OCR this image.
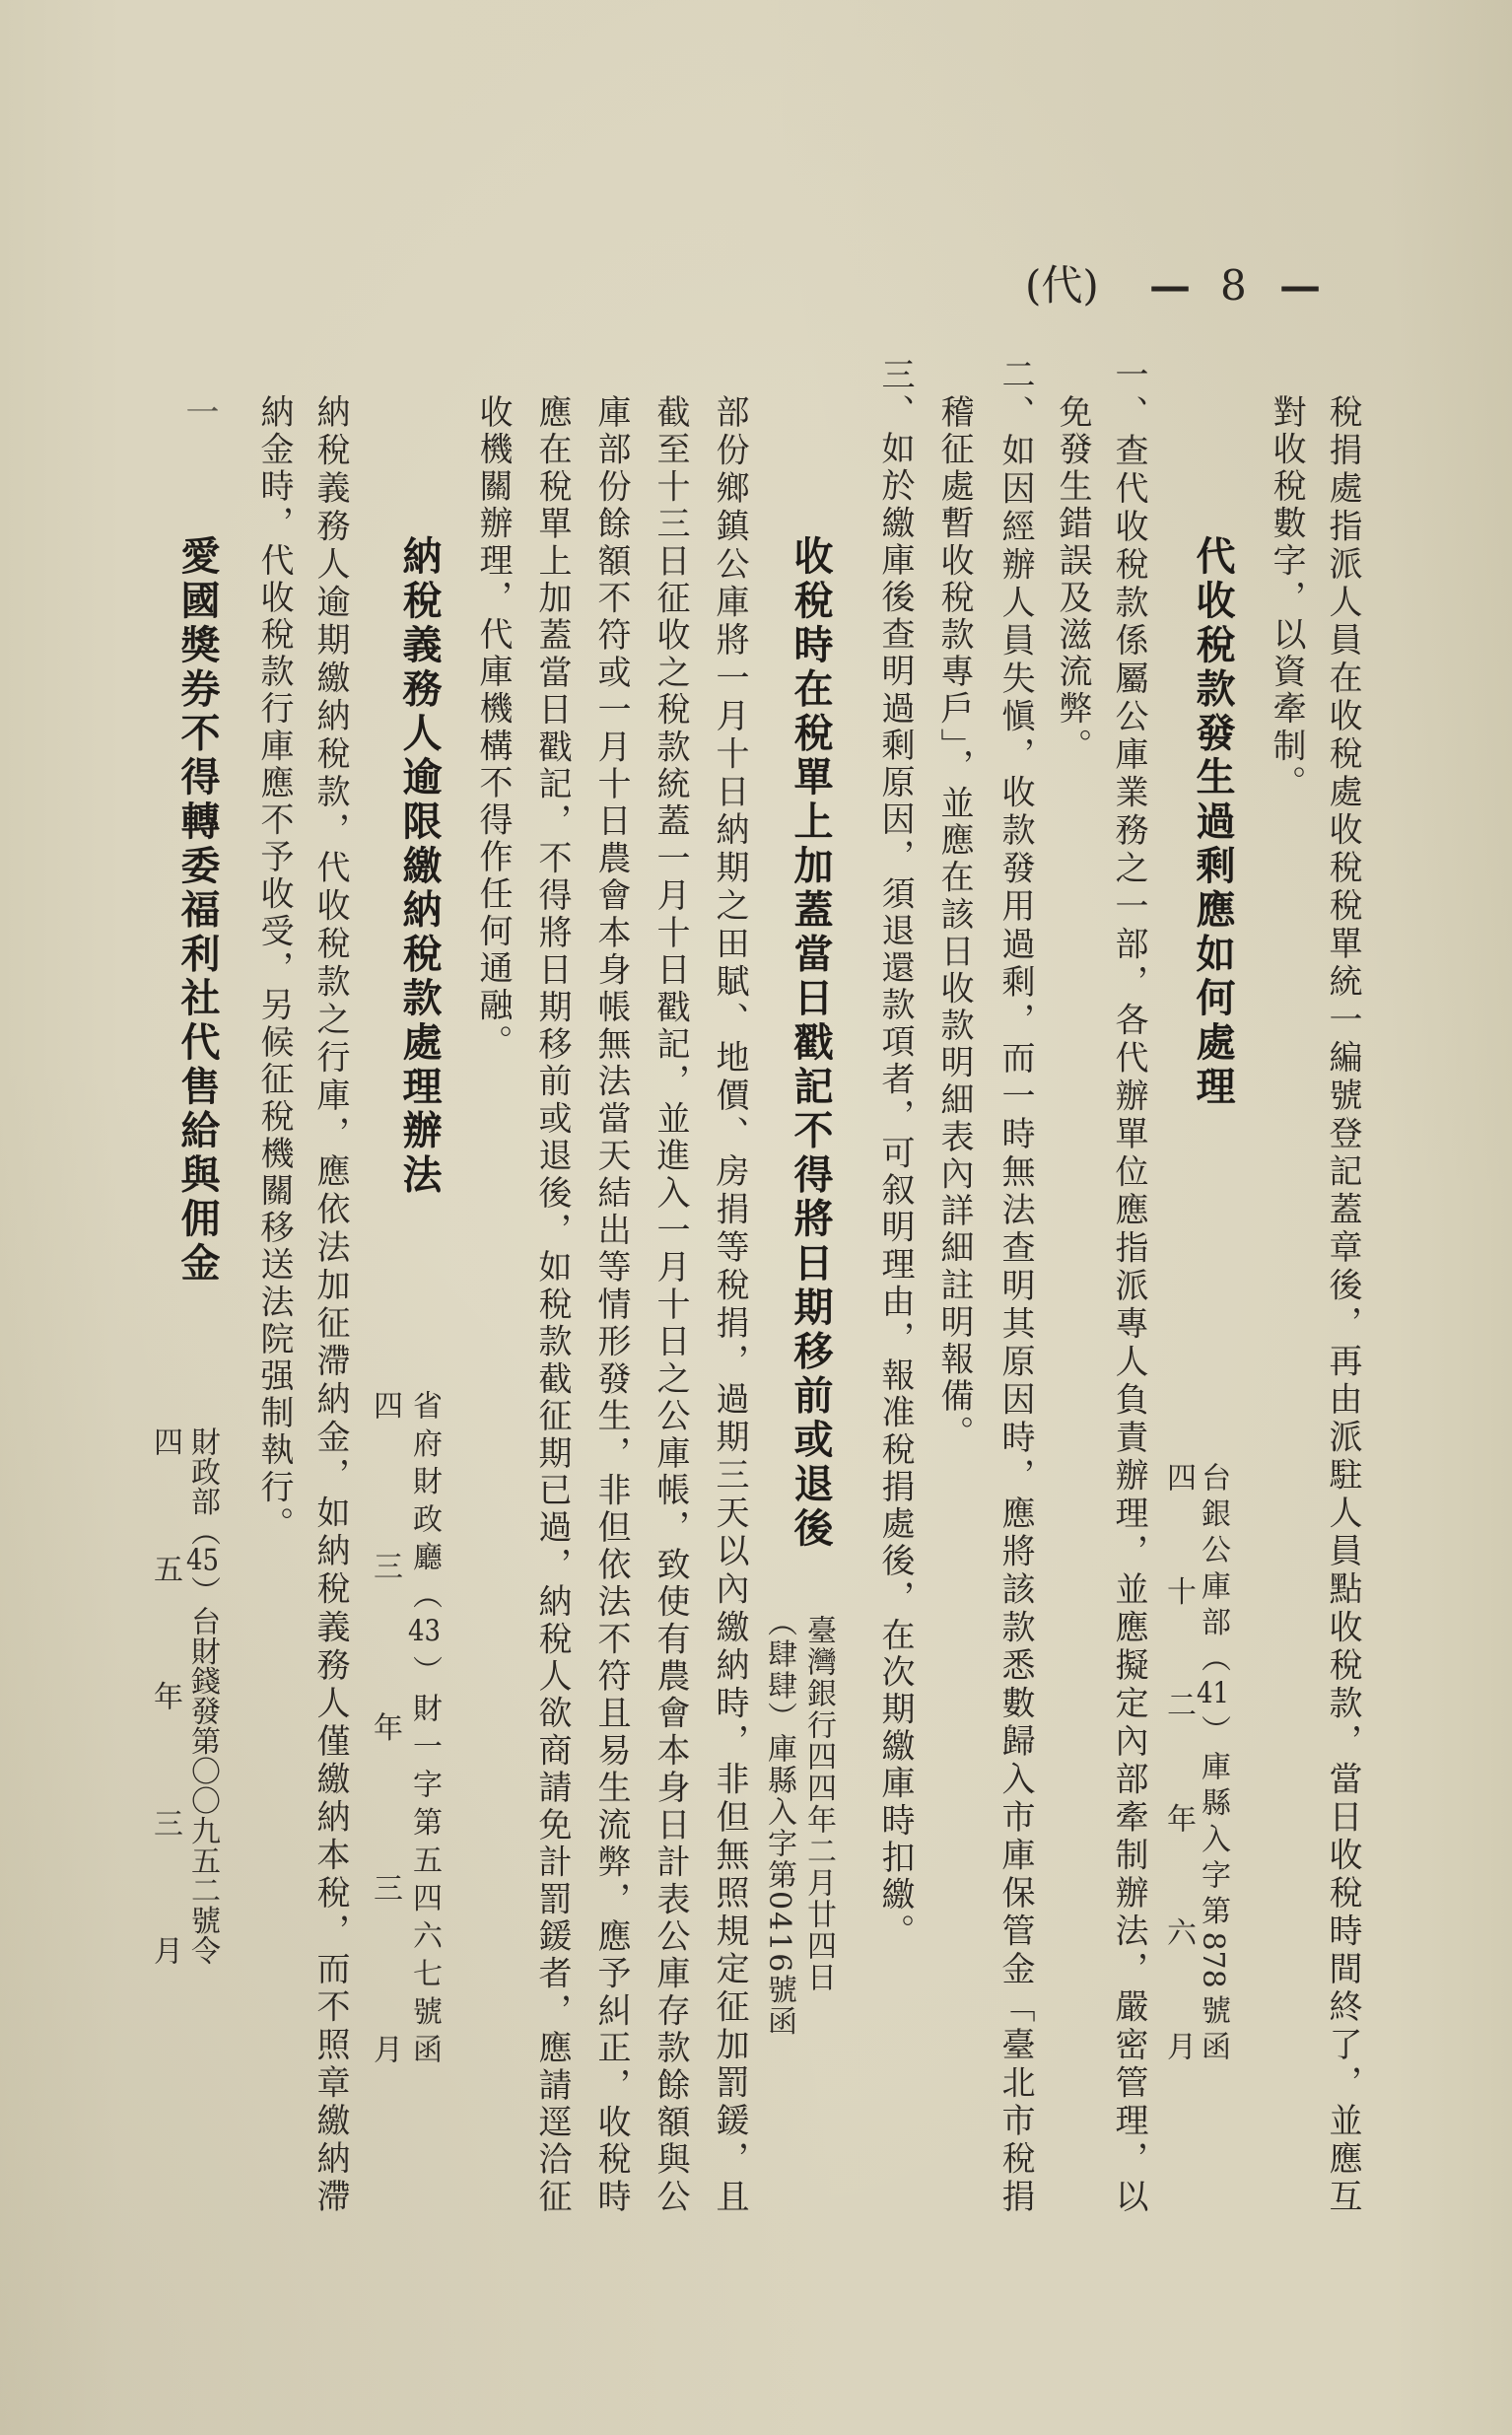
(代) — 8 —
稅捐處指派人員在收稅處收稅稅單統一編號登記蓋章後，再由派駐人員點收稅款，當日收稅時間終了，並應互
對收稅數字，以資牽制。
代收稅款發生過剩應如何處理
台銀公庫部（41）庫縣入字第878號函
四十二年六月
一、查代收稅款係屬公庫業務之一部，各代辦單位應指派專人負責辦理，並應擬定內部牽制辦法，嚴密管理，以
免發生錯誤及滋流弊。
二、如因經辦人員失愼，收款發用過剩，而一時無法查明其原因時，應將該款悉數歸入市庫保管金「臺北市稅捐
稽征處暫收稅款專戶」，並應在該日收款明細表內詳細註明報備。
三、如於繳庫後查明過剩原因，須退還款項者，可叙明理由，報准稅捐處後，在次期繳庫時扣繳。
收稅時在稅單上加蓋當日戳記不得將日期移前或退後
臺灣銀行四四年二月廿四日
（肆肆）庫縣入字第0416號函
部份鄉鎮公庫將一月十日納期之田賦、地價、房捐等稅捐，過期三天以內繳納時，非但無照規定征加罰鍰，且
截至十三日征收之稅款統蓋一月十日戳記，並進入一月十日之公庫帳，致使有農會本身日計表公庫存款餘額與公
庫部份餘額不符或一月十日農會本身帳無法當天結出等情形發生，非但依法不符且易生流弊，應予糾正，收稅時
應在稅單上加蓋當日戳記，不得將日期移前或退後，如稅款截征期已過，納稅人欲商請免計罰鍰者，應請逕洽征
收機關辦理，代庫機構不得作任何通融。
納稅義務人逾限繳納稅款處理辦法
省府財政廳（43）財一字第五四六七號函
四三年三月
納稅義務人逾期繳納稅款，代收稅款之行庫，應依法加征滯納金，如納稅義務人僅繳納本稅，而不照章繳納滯
納金時，代收稅款行庫應不予收受，另候征稅機關移送法院强制執行。
一
愛國獎券不得轉委福利社代售給與佣金
財政部（45）台財錢發第〇〇九五二號令
四五年三月
